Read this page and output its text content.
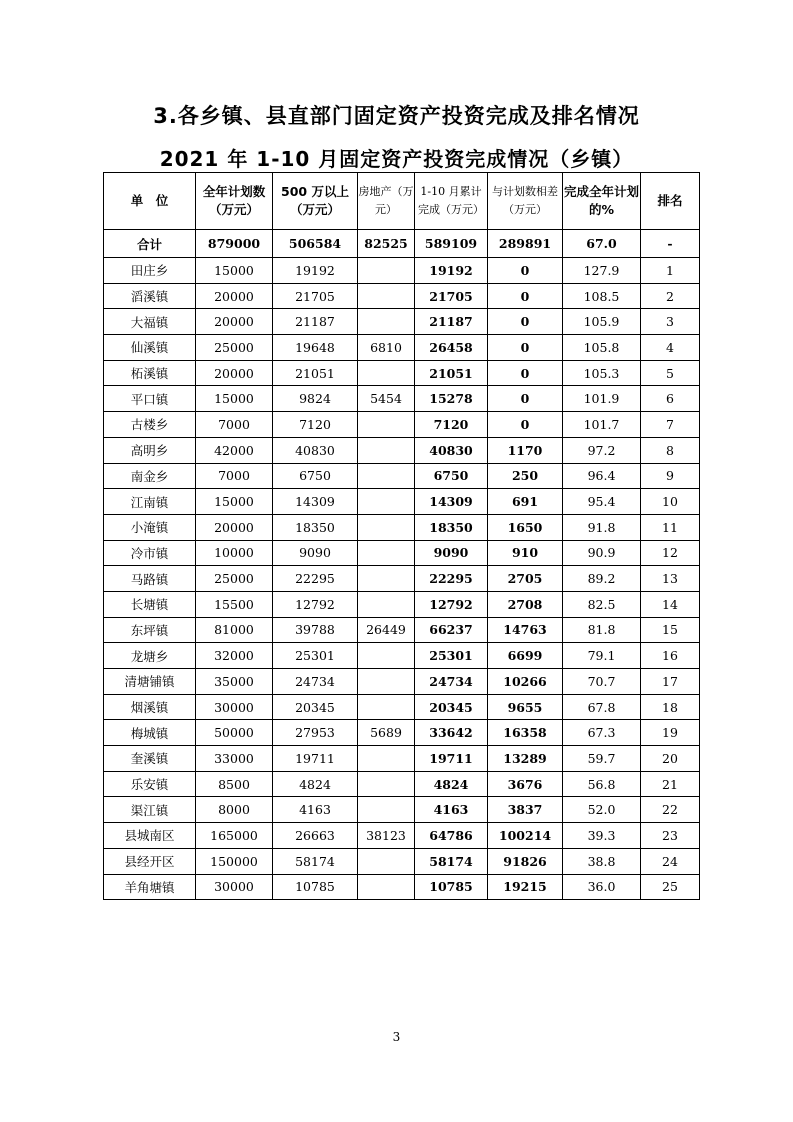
3.各乡镇、县直部门固定资产投资完成及排名情况
2021 年 1-10 月固定资产投资完成情况（乡镇）
单　位	全年计划数（万元）	500 万以上（万元）	房地产（万元）	1-10 月累计完成（万元）	与计划数相差（万元）	完成全年计划的%	排名
合计	879000	506584	82525	589109	289891	67.0	-
田庄乡	15000	19192		19192	0	127.9	1
滔溪镇	20000	21705		21705	0	108.5	2
大福镇	20000	21187		21187	0	105.9	3
仙溪镇	25000	19648	6810	26458	0	105.8	4
柘溪镇	20000	21051		21051	0	105.3	5
平口镇	15000	9824	5454	15278	0	101.9	6
古楼乡	7000	7120		7120	0	101.7	7
高明乡	42000	40830		40830	1170	97.2	8
南金乡	7000	6750		6750	250	96.4	9
江南镇	15000	14309		14309	691	95.4	10
小淹镇	20000	18350		18350	1650	91.8	11
冷市镇	10000	9090		9090	910	90.9	12
马路镇	25000	22295		22295	2705	89.2	13
长塘镇	15500	12792		12792	2708	82.5	14
东坪镇	81000	39788	26449	66237	14763	81.8	15
龙塘乡	32000	25301		25301	6699	79.1	16
清塘铺镇	35000	24734		24734	10266	70.7	17
烟溪镇	30000	20345		20345	9655	67.8	18
梅城镇	50000	27953	5689	33642	16358	67.3	19
奎溪镇	33000	19711		19711	13289	59.7	20
乐安镇	8500	4824		4824	3676	56.8	21
渠江镇	8000	4163		4163	3837	52.0	22
县城南区	165000	26663	38123	64786	100214	39.3	23
县经开区	150000	58174		58174	91826	38.8	24
羊角塘镇	30000	10785		10785	19215	36.0	25
3
